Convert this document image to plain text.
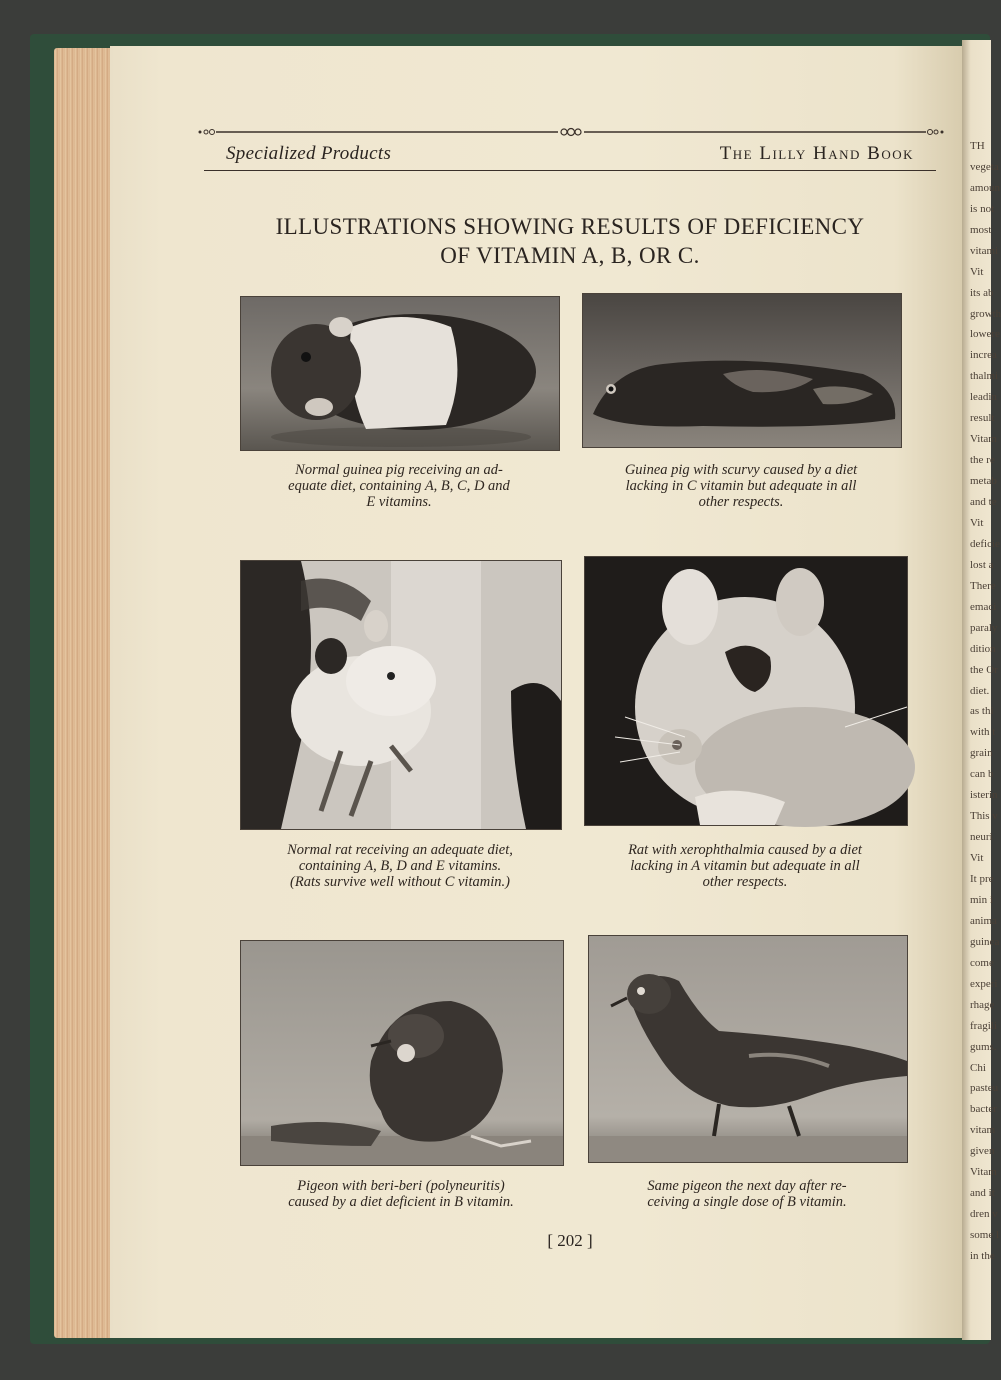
TH
vegeta
amoun
is not
most
vitami
Vit
its ab
growth
lowere
increa
thalmi
leadin
result
Vitam
the re
metab
and te
Vit
deficie
lost a
There
emaci
paraly
dition
the Or
diet.
as thi
with t
grain
can b
isterin
This v
neuri
Vit
It pre
min i
anima
guinea
come
experi
rhage
fragili
gums.
Chi
pasteu
bacter
vitam
given
Vitam
and it
dren v
some l
in the
Specialized Products	The Lilly Hand Book
ILLUSTRATIONS SHOWING RESULTS OF DEFICIENCY
OF VITAMIN A, B, OR C.
Normal guinea pig receiving an ad-
equate diet, containing A, B, C, D and
E vitamins.
Guinea pig with scurvy caused by a diet
lacking in C vitamin but adequate in all
other respects.
Normal rat receiving an adequate diet,
containing A, B, D and E vitamins.
(Rats survive well without C vitamin.)
Rat with xerophthalmia caused by a diet
lacking in A vitamin but adequate in all
other respects.
Pigeon with beri-beri (polyneuritis)
caused by a diet deficient in B vitamin.
Same pigeon the next day after re-
ceiving a single dose of B vitamin.
[ 202 ]
